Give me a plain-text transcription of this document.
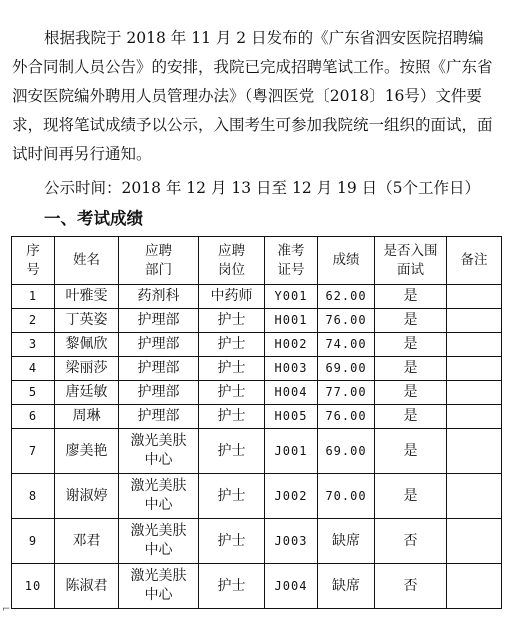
根据我院于 2018 年 11 月 2 日发布的《广东省泗安医院招聘编外合同制人员公告》的安排，我院已完成招聘笔试工作。按照《广东省泗安医院编外聘用人员管理办法》（粤泗医党〔2018〕16号）文件要求，现将笔试成绩予以公示，入围考生可参加我院统一组织的面试，面试时间再另行通知。

公示时间：2018 年 12 月 13 日至 12 月 19 日（5个工作日）

一、考试成绩
序号	姓名	应聘部门	应聘岗位	准考证号	成绩	是否入围面试	备注
1	叶雅雯	药剂科	中药师	Y001	62.00	是	
2	丁英姿	护理部	护士	H001	76.00	是	
3	黎佩欣	护理部	护士	H002	74.00	是	
4	梁丽莎	护理部	护士	H003	69.00	是	
5	唐廷敏	护理部	护士	H004	77.00	是	
6	周琳	护理部	护士	H005	76.00	是	
7	廖美艳	激光美肤中心	护士	J001	69.00	是	
8	谢淑婷	激光美肤中心	护士	J002	70.00	是	
9	邓君	激光美肤中心	护士	J003	缺席	否	
10	陈淑君	激光美肤中心	护士	J004	缺席	否	
⌐
